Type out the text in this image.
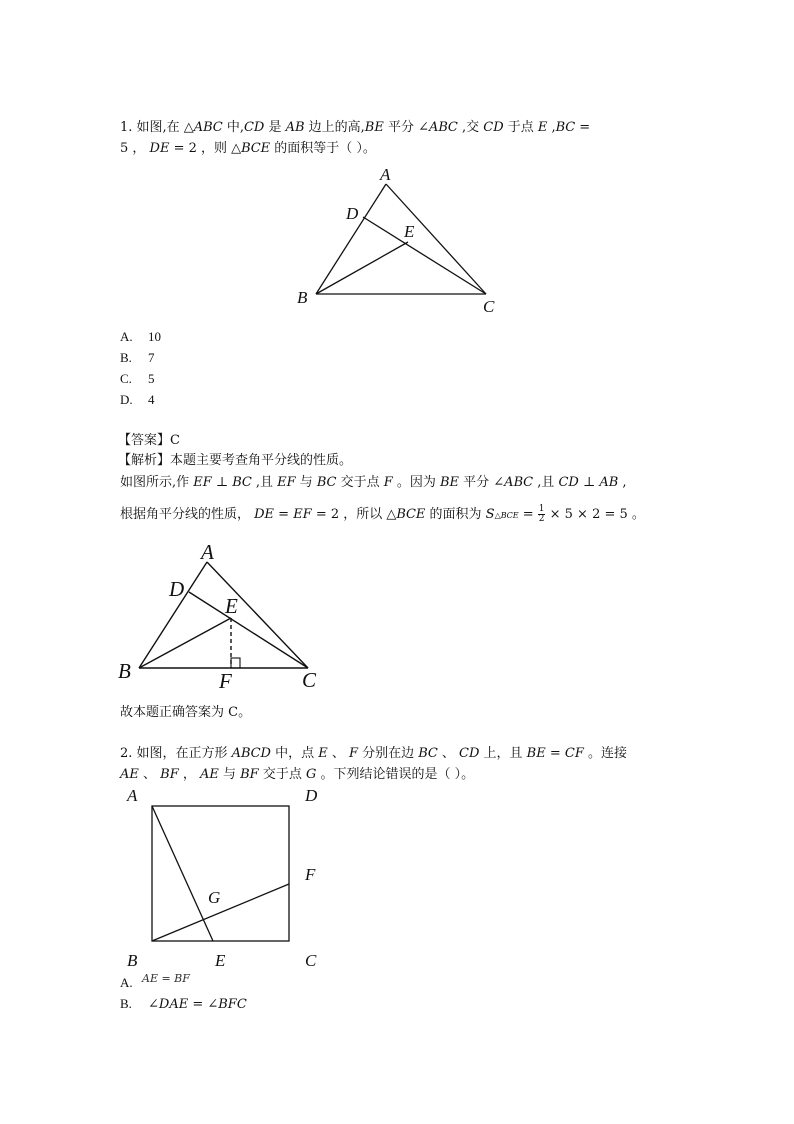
1. 如图,在 △𝐴𝐵𝐶 中,𝐶𝐷 是 𝐴𝐵 边上的高,𝐵𝐸 平分 ∠𝐴𝐵𝐶 ,交 𝐶𝐷 于点 𝐸 ,𝐵𝐶 =
5 ， 𝐷𝐸 = 2 ，则 △𝐵𝐶𝐸 的面积等于（ ）。
A
D
E
B	C
A. 10
B. 7
C. 5
D. 4
【答案】C
【解析】本题主要考查角平分线的性质。
如图所示,作 𝐸𝐹 ⊥ 𝐵𝐶 ,且 𝐸𝐹 与 𝐵𝐶 交于点 𝐹 。因为 𝐵𝐸 平分 ∠𝐴𝐵𝐶 ,且 𝐶𝐷 ⊥ 𝐴𝐵 ,
根据角平分线的性质， 𝐷𝐸 = 𝐸𝐹 = 2 ，所以 △𝐵𝐶𝐸 的面积为 𝑆△𝐵𝐶𝐸 = $\frac{1}{2} \times 5 \times 2 = 5$ 。
A
D
E
B	F	C
故本题正确答案为 C。
2. 如图，在正方形 𝐴𝐵𝐶𝐷 中，点 𝐸 、 𝐹 分别在边 𝐵𝐶 、 𝐶𝐷 上，且 𝐵𝐸 = 𝐶𝐹 。连接
𝐴𝐸 、 𝐵𝐹 ， 𝐴𝐸 与 𝐵𝐹 交于点 𝐺 。下列结论错误的是（ ）。
A	D
F
G
B	E	C
A. $^{𝐴𝐸 = 𝐵𝐹}$
B. ∠𝐷𝐴𝐸 = ∠𝐵𝐹𝐶
